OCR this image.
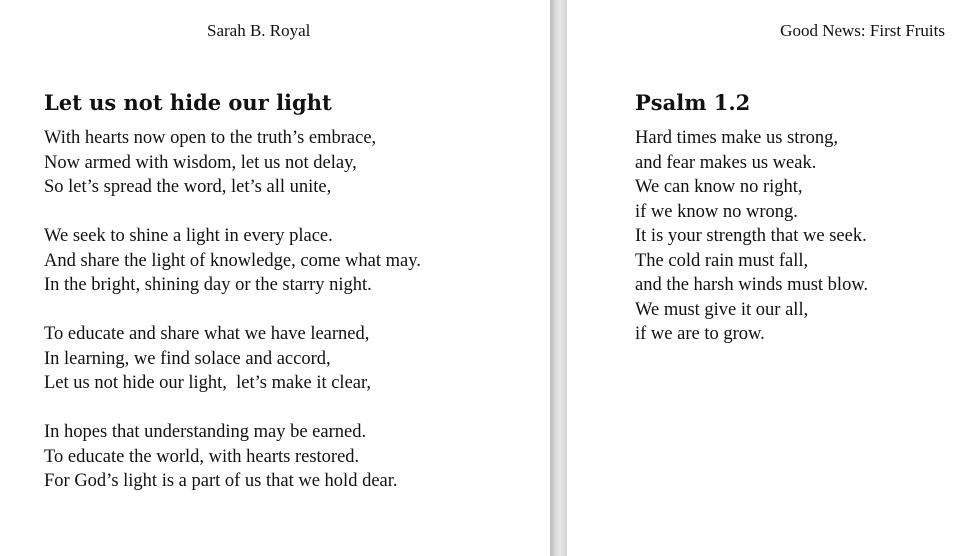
Sarah B. Royal
Let us not hide our light
With hearts now open to the truth’s embrace,
Now armed with wisdom, let us not delay,
So let’s spread the word, let’s all unite,
We seek to shine a light in every place.
And share the light of knowledge, come what may.
In the bright, shining day or the starry night.
To educate and share what we have learned,
In learning, we find solace and accord,
Let us not hide our light,  let’s make it clear,
In hopes that understanding may be earned.
To educate the world, with hearts restored.
For God’s light is a part of us that we hold dear.
Good News: First Fruits
Psalm 1.2
Hard times make us strong,
and fear makes us weak.
We can know no right,
if we know no wrong.
It is your strength that we seek.
The cold rain must fall,
and the harsh winds must blow.
We must give it our all,
if we are to grow.
